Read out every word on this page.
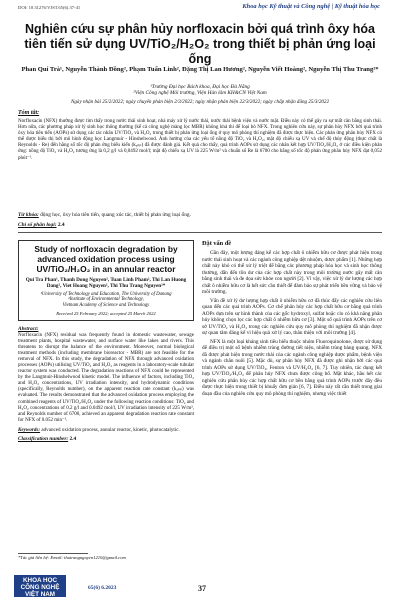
DOI: 10.31276/VJST.65(6).37-41	Khoa học Kỹ thuật và Công nghệ | Kỹ thuật hóa học
Nghiên cứu sự phân hủy norfloxacin bởi quá trình ôxy hóa tiên tiến sử dụng UV/TiO₂/H₂O₂ trong thiết bị phản ứng loại ống
Phan Quí Trà¹, Nguyễn Thành Đồng², Phạm Tuấn Linh², Đặng Thị Lan Hương², Nguyễn Viết Hoàng², Nguyễn Thị Thu Trang²*
¹Trường Đại học Bách khoa, Đại học Đà Nẵng
²Viện Công nghệ Môi trường, Viện Hàn lâm KH&CN Việt Nam
Ngày nhận bài 25/2/2022; ngày chuyển phản biện 2/3/2022; ngày nhận phản biện 22/3/2022; ngày chấp nhận đăng 25/3/2022
Tóm tắt:

Norfloxacin (NFX) thường được tìm thấy trong nước thải sinh hoạt, nhà máy xử lý nước thải, nước thải bệnh viện và nước mặt. Điều này có thể gây ra sự mất cân bằng sinh thái. Hơn nữa, các phương pháp xử lý sinh học thông thường (kể cả công nghệ màng lọc MBR) không khả thi để loại bỏ NFX. Trong nghiên cứu này, sự phân hủy NFX bởi quá trình ôxy hóa tiên tiến (AOPs) sử dụng các tác nhân UV/TiO₂ và H₂O₂ trong thiết bị phản ứng loại ống ở quy mô phòng thí nghiệm đã được thực hiện. Các phản ứng phân hủy NFX có thể được biểu thị bởi mô hình động học Langmuir - Hinshelwood. Ảnh hưởng của các yếu tố nồng độ TiO₂ và H₂O₂, mật độ chiếu xạ UV và chế độ thủy động (thực chất là Reynolds - Re) đến hằng số tốc độ phản ứng biểu kiến (kₐₚₚ) đã được đánh giá. Kết quả cho thấy, quá trình AOPs sử dụng các nhân kết hợp UV/TiO₂/H₂O₂ ở các điều kiện phản ứng: nồng độ TiO₂ và H₂O₂ tương ứng là 0,2 g/l và 0,0492 mol/l; mật độ chiếu xạ UV là 225 W/m² và chuẩn số Re là 6700 cho hằng số tốc độ phản ứng phân hủy NFX đạt 0,052 phút⁻¹.

Từ khóa: động học, ôxy hóa tiên tiến, quang xúc tác, thiết bị phản ứng loại ống.
Chỉ số phân loại: 2.4
Study of norfloxacin degradation by advanced oxidation process using UV/TiO₂/H₂O₂ in an annular reactor
Qui Tra Phan¹, Thanh Dong Nguyen², Tuan Linh Pham², Thi Lan Huong Dang², Viet Hoang Nguyen², Thi Thu Trang Nguyen²*
¹University of Technology and Education, The University of Danang
²Institute of Environmental Technology,
Vietnam Academy of Science and Technology
Received 25 February 2022; accepted 25 March 2022
Abstract:

Norfloxacin (NFX) residual was frequently found in domestic wastewater, sewage treatment plants, hospital wastewater, and surface water like lakes and rivers. This threatens to disrupt the balance of the environment. Moreover, normal biological treatment methods (including membrane bioreactor - MBR) are not feasible for the removal of NFX. In this study, the degradation of NFX through advanced oxidation processes (AOPs) utilising UV/TiO₂ and H₂O₂ as reagents in a laboratory-scale tubular reactor system was conducted. The degradation reactions of NFX could be represented by the Langmuir-Hinshelwood kinetic model. The influence of factors, including TiO₂ and H₂O₂ concentrations, UV irradiation intensity, and hydrodynamic conditions (specifically, Reynolds number), on the apparent reaction rate constant (kₐₚₚ) was evaluated. The results demonstrated that the advanced oxidation process employing the combined reagents of UV/TiO₂/H₂O₂ under the following reaction conditions: TiO₂ and H₂O₂ concentrations of 0.2 g/l and 0.0492 mol/l, UV irradiation intensity of 225 W/m², and Reynolds number of 6700, achieved an apparent degradation reaction rate constant for NFX of 0.052 min⁻¹.

Keywords: advanced oxidation process, annular reactor, kinetic, photocatalytic.
Classification number: 2.4
Đặt vấn đề

Gần đây, một lượng đáng kể các hợp chất ô nhiễm hữu cơ được phát hiện trong nước thải sinh hoạt và các ngành công nghiệp dệt nhuộm, dược phẩm [1]. Những hợp chất này khó có thể xử lý triệt để bằng các phương pháp hóa học và sinh học thông thường, dẫn đến tồn dư của các hợp chất này trong môi trường nước gây mất cân bằng sinh thái và đe dọa sức khỏe con người [2]. Vì vậy, việc xử lý dư lượng các hợp chất ô nhiễm hữu cơ là hết sức cần thiết để đảm bảo sự phát triển bền vững và bảo vệ môi trường.

Vấn đề xử lý dư lượng hợp chất ô nhiễm hữu cơ đã thúc đẩy các nghiên cứu liên quan đến các quá trình AOPs. Cơ chế phân hủy các hợp chất hữu cơ bằng quá trình AOPs dựa trên sự hình thành của các gốc hydroxyl, sulfat hoặc clo có khả năng phân hủy không chọn lọc các hợp chất ô nhiễm hữu cơ [3]. Một số quá trình AOPs trên cơ sở UV/TiO₂ và H₂O₂ trong các nghiên cứu quy mô phòng thí nghiệm đã nhận được sự quan tâm đáng kể vì hiệu quả xử lý cao, thân thiện với môi trường [4].

NFX là một loại kháng sinh tiêu biểu thuộc nhóm Fluoroquinolone, được sử dụng để điều trị một số bệnh nhiễm trùng đường tiết niệu, nhiễm trùng bàng quang. NFX đã được phát hiện trong nước thải của các ngành công nghiệp dược phẩm, bệnh viện và ngành chăn nuôi [5]. Mặc dù, sự phân hủy NFX đã được ghi nhận bởi các quá trình AOPs sử dụng UV/TiO₂, Fenton và UV/H₂O₂ [6, 7]. Tuy nhiên, tác dụng kết hợp UV/TiO₂/H₂O₂ để phân hủy NFX chưa được công bố. Mặt khác, hầu hết các nghiên cứu phân hủy các hợp chất hữu cơ bền bằng quá trình AOPs trước đây đều được thực hiện trong thiết bị khuấy đơn giản [6, 7]. Điều này rất cần thiết trong giai đoạn đầu của nghiên cứu quy mô phòng thí nghiệm, nhưng việc thiết

*Tác giả liên hệ: Email: thutrangnguyen1210@gmail.com
KHOA HỌC CÔNG NGHỆ VIỆT NAM
65(6) 6.2023	37
